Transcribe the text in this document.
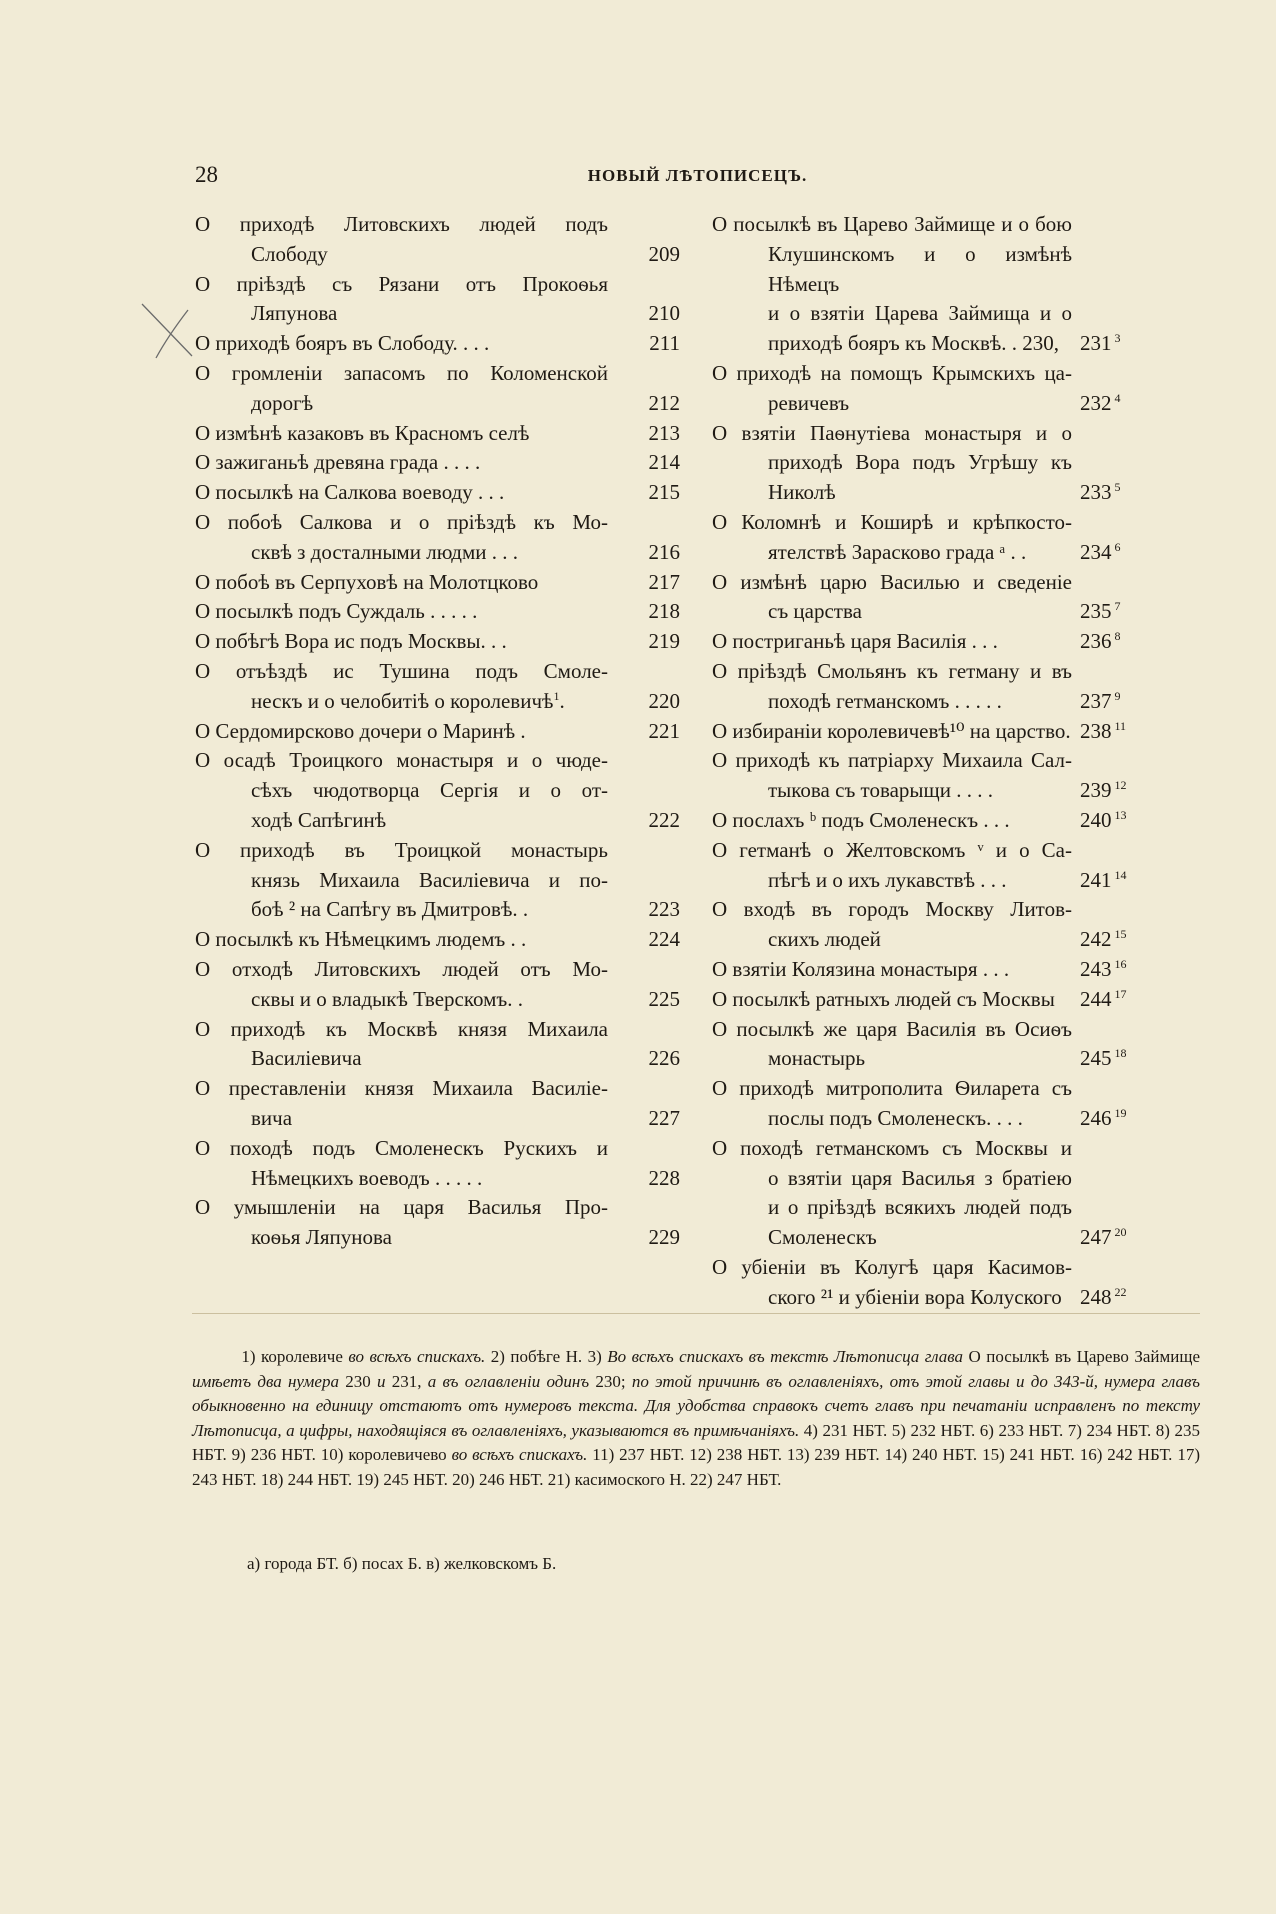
28	НОВЫЙ ЛѢТОПИСЕЦЪ.
О приходѣ Литовскихъ людей подъ
Слободу	209
О пріѣздѣ съ Рязани отъ Прокоѳья
Ляпунова	210
О приходѣ бояръ въ Слободу. . . .	211
О громленіи запасомъ по Коломенской
дорогѣ	212
О измѣнѣ казаковъ въ Красномъ селѣ	213
О зажиганьѣ древяна града . . . .	214
О посылкѣ на Салкова воеводу . . .	215
О побоѣ Салкова и о пріѣздѣ къ Мо-
сквѣ з досталными людми . . .	216
О побоѣ въ Серпуховѣ на Молотцково	217
О посылкѣ подъ Суждаль . . . . .	218
О побѣгѣ Вора ис подъ Москвы. . .	219
О отъѣздѣ ис Тушина подъ Смоле-
нескъ и о челобитіѣ о королевичѣ$^1$.	220
О Сердомирсково дочери о Маринѣ .	221
О осадѣ Троицкого монастыря и о чюде-
сѣхъ чюдотворца Сергія и о от-
ходѣ Сапѣгинѣ	222
О приходѣ въ Троицкой монастырь
князь Михаила Василіевича и по-
боѣ ² на Сапѣгу въ Дмитровѣ. .	223
О посылкѣ къ Нѣмецкимъ людемъ . .	224
О отходѣ Литовскихъ людей отъ Мо-
сквы и о владыкѣ Тверскомъ. .	225
О приходѣ къ Москвѣ князя Михаила
Василіевича	226
О преставленіи князя Михаила Василіе-
вича	227
О походѣ подъ Смоленескъ Рускихъ и
Нѣмецкихъ воеводъ . . . . .	228
О умышленіи на царя Василья Про-
коѳья Ляпунова	229
О посылкѣ въ Царево Займище и о бою
Клушинскомъ и о измѣнѣ Нѣмецъ
и о взятіи Царева Займища и о
приходѣ бояръ къ Москвѣ. . 230, 231 $^3$
О приходѣ на помощъ Крымскихъ ца-
ревичевъ	232 $^4$
О взятіи Паѳнутіева монастыря и о
приходѣ Вора подъ Угрѣшу къ
Николѣ	233 $^5$
О Коломнѣ и Коширѣ и крѣпкосто-
ятелствѣ Зарасково града ᵃ . .	234 $^6$
О измѣнѣ царю Василью и сведеніе
съ царства	235 $^7$
О постриганьѣ царя Василія . . .	236 $^8$
О пріѣздѣ Смольянъ къ гетману и въ
походѣ гетманскомъ . . . . .	237 $^9$
О избираніи королевичевѣ¹⁰ на царство. 238 $^{11}$
О приходѣ къ патріарху Михаила Сал-
тыкова съ товарыщи . . . .	239 $^{12}$
О послахъ ᵇ подъ Смоленескъ . . .	240 $^{13}$
О гетманѣ о Желтовскомъ ᵛ и о Са-
пѣгѣ и о ихъ лукавствѣ . . .	241 $^{14}$
О входѣ въ городъ Москву Литов-
скихъ людей	242 $^{15}$
О взятіи Колязина монастыря . . .	243 $^{16}$
О посылкѣ ратныхъ людей съ Москвы	244 $^{17}$
О посылкѣ же царя Василія въ Осиѳъ
монастырь	245 $^{18}$
О приходѣ митрополита Ѳиларета съ
послы подъ Смоленескъ. . . .	246 $^{19}$
О походѣ гетманскомъ съ Москвы и
о взятіи царя Василья з братіею
и о пріѣздѣ всякихъ людей подъ
Смоленескъ	247 $^{20}$
О убіеніи въ Колугѣ царя Касимов-
ского ²¹ и убіеніи вора Колуского 248 $^{22}$
1) королевиче во всѣхъ спискахъ. 2) побѣге Н. 3) Во всѣхъ спискахъ въ текстѣ Лѣтописца глава О посылкѣ въ Царево Займище имѣетъ два нумера 230 и 231, а въ оглавленіи одинъ 230; по этой причинѣ въ оглавленіяхъ, отъ этой главы и до 343-й, нумера главъ обыкновенно на единицу отстаютъ отъ нумеровъ текста. Для удобства справокъ счетъ главъ при печатаніи исправленъ по тексту Лѣтописца, а цифры, находящіяся въ оглавленіяхъ, указываются въ примѣчаніяхъ. 4) 231 НБТ. 5) 232 НБТ. 6) 233 НБТ. 7) 234 НБТ. 8) 235 НБТ. 9) 236 НБТ. 10) королевичево во всѣхъ спискахъ. 11) 237 НБТ. 12) 238 НБТ. 13) 239 НБТ. 14) 240 НБТ. 15) 241 НБТ. 16) 242 НБТ. 17) 243 НБТ. 18) 244 НБТ. 19) 245 НБТ. 20) 246 НБТ. 21) касимоского Н. 22) 247 НБТ.
а) города БТ. б) посах Б. в) желковскомъ Б.
